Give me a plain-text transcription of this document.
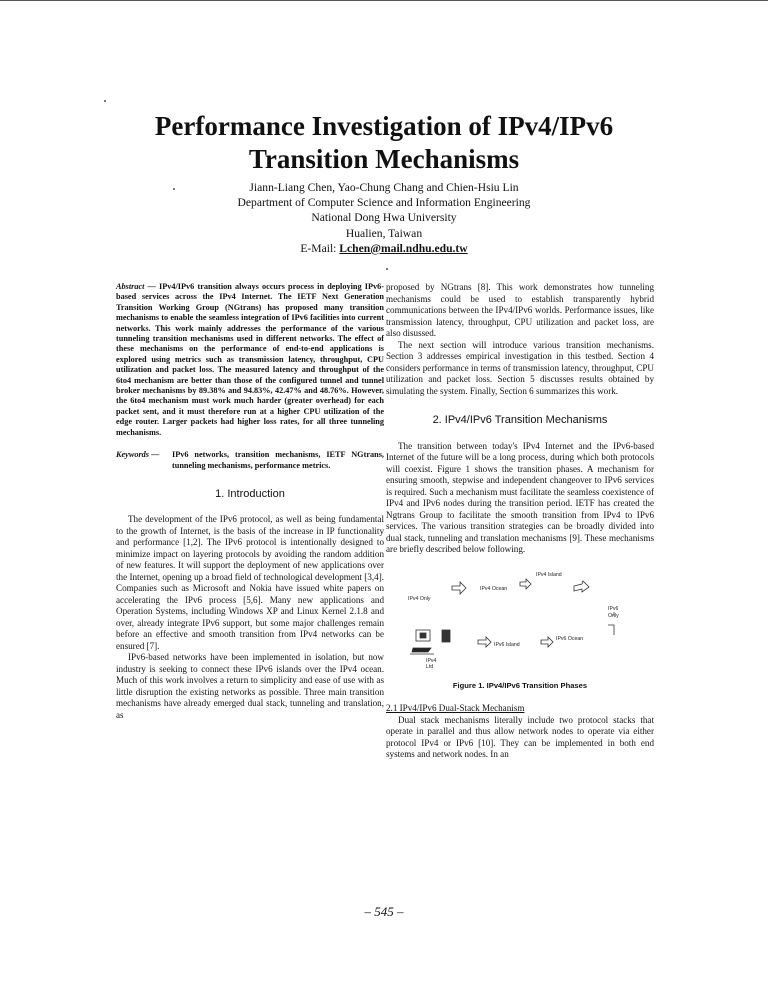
Performance Investigation of IPv4/IPv6
Transition Mechanisms
Jiann-Liang Chen, Yao-Chung Chang and Chien-Hsiu Lin
Department of Computer Science and Information Engineering
National Dong Hwa University
Hualien, Taiwan
E-Mail: Lchen@mail.ndhu.edu.tw

Abstract — IPv4/IPv6 transition always occurs process in deploying IPv6-based services across the IPv4 Internet. The IETF Next Generation Transition Working Group (NGtrans) has proposed many transition mechanisms to enable the seamless integration of IPv6 facilities into current networks. This work mainly addresses the performance of the various tunneling transition mechanisms used in different networks. The effect of these mechanisms on the performance of end-to-end applications is explored using metrics such as transmission latency, throughput, CPU utilization and packet loss. The measured latency and throughput of the 6to4 mechanism are better than those of the configured tunnel and tunnel broker mechanisms by 89.38% and 94.83%, 42.47% and 48.76%. However, the 6to4 mechanism must work much harder (greater overhead) for each packet sent, and it must therefore run at a higher CPU utilization of the edge router. Larger packets had higher loss rates, for all three tunneling mechanisms.

Keywords —	IPv6 networks, transition mechanisms, IETF NGtrans, tunneling mechanisms, performance metrics.
1. Introduction

The development of the IPv6 protocol, as well as being fundamental to the growth of Internet, is the basis of the increase in IP functionality and performance [1,2]. The IPv6 protocol is intentionally designed to minimize impact on layering protocols by avoiding the random addition of new features. It will support the deployment of new applications over the Internet, opening up a broad field of technological development [3,4]. Companies such as Microsoft and Nokia have issued white papers on accelerating the IPv6 process [5,6]. Many new applications and Operation Systems, including Windows XP and Linux Kernel 2.1.8 and over, already integrate IPv6 support, but some major challenges remain before an effective and smooth transition from IPv4 networks can be ensured [7].

IPv6-based networks have been implemented in isolation, but now industry is seeking to connect these IPv6 islands over the IPv4 ocean. Much of this work involves a return to simplicity and ease of use with as little disruption the existing networks as possible. Three main transition mechanisms have already emerged dual stack, tunneling and translation, as

proposed by NGtrans [8]. This work demonstrates how tunneling mechanisms could be used to establish transparently hybrid communications between the IPv4/IPv6 worlds. Performance issues, like transmission latency, throughput, CPU utilization and packet loss, are also disussed.

The next section will introduce various transition mechanisms. Section 3 addresses empirical investigation in this testbed. Section 4 considers performance in terms of transmission latency, throughput, CPU utilization and packet loss. Section 5 discusses results obtained by simulating the system. Finally, Section 6 summarizes this work.

2. IPv4/IPv6 Transition Mechanisms

The transition between today's IPv4 Internet and the IPv6-based Internet of the future will be a long process, during which both protocols will coexist. Figure 1 shows the transition phases. A mechanism for ensuring smooth, stepwise and independent changeover to IPv6 services is required. Such a mechanism must facilitate the seamless coexistence of IPv4 and IPv6 nodes during the transition period. IETF has created the Ngtrans Group to facilitate the smooth transition from IPv4 to IPv6 services. The various transition strategies can be broadly divided into dual stack, tunneling and translation mechanisms [9]. These mechanisms are briefly described below following.

IPv4 Only
IPv4 Ocean
IPv4 Island
IPv6
Only
IPv6 Island
IPv6 Ocean
IPv4
Ltd
Figure 1. IPv4/IPv6 Transition Phases
2.1 IPv4/IPv6 Dual-Stack Mechanism

Dual stack mechanisms literally include two protocol stacks that operate in parallel and thus allow network nodes to operate via either protocol IPv4 or IPv6 [10]. They can be implemented in both end systems and network nodes. In an

– 545 –
